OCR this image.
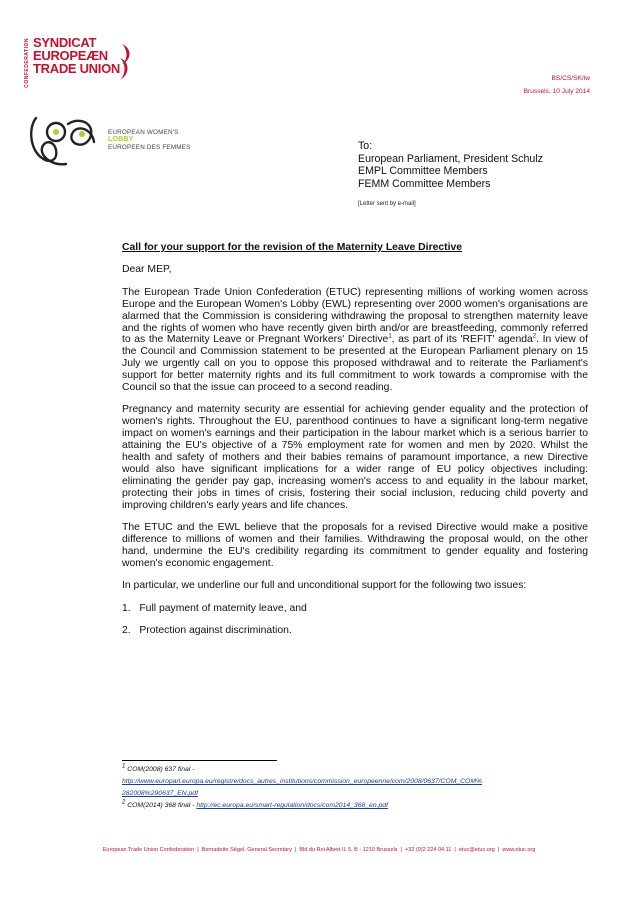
CONFEDERATION SYNDICAT
EUROPEÆN
TRADE UNION
EUROPEAN WOMEN'S
LOBBY
EUROPEEN DES FEMMES
BS/CS/SK/lw
Brussels, 10 July 2014
To:
European Parliament, President Schulz
EMPL Committee Members
FEMM Committee Members
[Letter sent by e-mail]

Call for your support for the revision of the Maternity Leave Directive

Dear MEP,

The European Trade Union Confederation (ETUC) representing millions of working women across Europe and the European Women's Lobby (EWL) representing over 2000 women's organisations are alarmed that the Commission is considering withdrawing the proposal to strengthen maternity leave and the rights of women who have recently given birth and/or are breastfeeding, commonly referred to as the Maternity Leave or Pregnant Workers' Directive$^1$, as part of its 'REFIT' agenda$^2$. In view of the Council and Commission statement to be presented at the European Parliament plenary on 15 July we urgently call on you to oppose this proposed withdrawal and to reiterate the Parliament's support for better maternity rights and its full commitment to work towards a compromise with the Council so that the issue can proceed to a second reading.

Pregnancy and maternity security are essential for achieving gender equality and the protection of women's rights. Throughout the EU, parenthood continues to have a significant long-term negative impact on women's earnings and their participation in the labour market which is a serious barrier to attaining the EU's objective of a 75% employment rate for women and men by 2020. Whilst the health and safety of mothers and their babies remains of paramount importance, a new Directive would also have significant implications for a wider range of EU policy objectives including: eliminating the gender pay gap, increasing women's access to and equality in the labour market, protecting their jobs in times of crisis, fostering their social inclusion, reducing child poverty and improving children's early years and life chances.

The ETUC and the EWL believe that the proposals for a revised Directive would make a positive difference to millions of women and their families. Withdrawing the proposal would, on the other hand, undermine the EU's credibility regarding its commitment to gender equality and fostering women's economic engagement.

In particular, we underline our full and unconditional support for the following two issues:

1.   Full payment of maternity leave, and

2.   Protection against discrimination.

$^1$ COM(2008) 637 final -
http://www.europarl.europa.eu/registre/docs_autres_institutions/commission_europeenne/com/2008/0637/COM_COM%
282008%290637_EN.pdf
$^2$ COM(2014) 368 final - http://ec.europa.eu/smart-regulation/docs/com2014_368_en.pdf
European Trade Union Confederation  |  Bernadette Ségol, General Secretary  |  Bld du Roi Albert II, 5, B - 1210 Brussels  |  +32 (0)2 224 04 11  |  etuc@etuc.org  |  www.etuc.org
